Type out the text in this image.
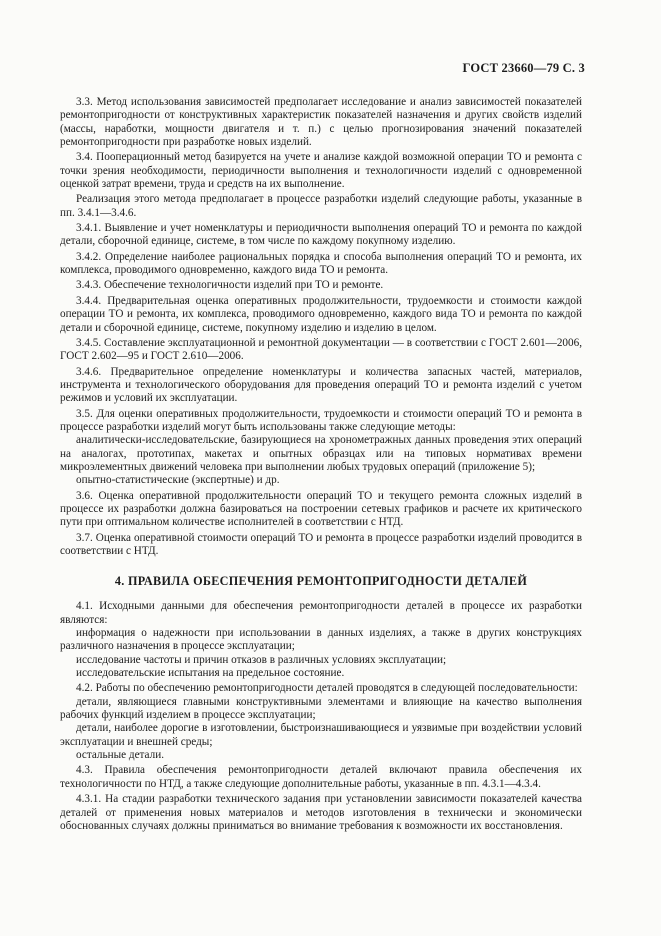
ГОСТ 23660—79 С. 3

3.3. Метод использования зависимостей предполагает исследование и анализ зависимостей показателей ремонтопригодности от конструктивных характеристик показателей назначения и других свойств изделий (массы, наработки, мощности двигателя и т. п.) с целью прогнозирования значений показателей ремонтопригодности при разработке новых изделий.

3.4. Пооперационный метод базируется на учете и анализе каждой возможной операции ТО и ремонта с точки зрения необходимости, периодичности выполнения и технологичности изделий с одновременной оценкой затрат времени, труда и средств на их выполнение.

Реализация этого метода предполагает в процессе разработки изделий следующие работы, указанные в пп. 3.4.1—3.4.6.

3.4.1. Выявление и учет номенклатуры и периодичности выполнения операций ТО и ремонта по каждой детали, сборочной единице, системе, в том числе по каждому покупному изделию.

3.4.2. Определение наиболее рациональных порядка и способа выполнения операций ТО и ремонта, их комплекса, проводимого одновременно, каждого вида ТО и ремонта.

3.4.3. Обеспечение технологичности изделий при ТО и ремонте.

3.4.4. Предварительная оценка оперативных продолжительности, трудоемкости и стоимости каждой операции ТО и ремонта, их комплекса, проводимого одновременно, каждого вида ТО и ремонта по каждой детали и сборочной единице, системе, покупному изделию и изделию в целом.

3.4.5. Составление эксплуатационной и ремонтной документации — в соответствии с ГОСТ 2.601—2006, ГОСТ 2.602—95 и ГОСТ 2.610—2006.

3.4.6. Предварительное определение номенклатуры и количества запасных частей, материалов, инструмента и технологического оборудования для проведения операций ТО и ремонта изделий с учетом режимов и условий их эксплуатации.

3.5. Для оценки оперативных продолжительности, трудоемкости и стоимости операций ТО и ремонта в процессе разработки изделий могут быть использованы также следующие методы:

аналитически-исследовательские, базирующиеся на хронометражных данных проведения этих операций на аналогах, прототипах, макетах и опытных образцах или на типовых нормативах времени микроэлементных движений человека при выполнении любых трудовых операций (приложение 5);

опытно-статистические (экспертные) и др.

3.6. Оценка оперативной продолжительности операций ТО и текущего ремонта сложных изделий в процессе их разработки должна базироваться на построении сетевых графиков и расчете их критического пути при оптимальном количестве исполнителей в соответствии с НТД.

3.7. Оценка оперативной стоимости операций ТО и ремонта в процессе разработки изделий проводится в соответствии с НТД.

4. ПРАВИЛА ОБЕСПЕЧЕНИЯ РЕМОНТОПРИГОДНОСТИ ДЕТАЛЕЙ

4.1. Исходными данными для обеспечения ремонтопригодности деталей в процессе их разработки являются:

информация о надежности при использовании в данных изделиях, а также в других конструкциях различного назначения в процессе эксплуатации;

исследование частоты и причин отказов в различных условиях эксплуатации;

исследовательские испытания на предельное состояние.

4.2. Работы по обеспечению ремонтопригодности деталей проводятся в следующей последовательности:

детали, являющиеся главными конструктивными элементами и влияющие на качество выполнения рабочих функций изделием в процессе эксплуатации;

детали, наиболее дорогие в изготовлении, быстроизнашивающиеся и уязвимые при воздействии условий эксплуатации и внешней среды;

остальные детали.

4.3. Правила обеспечения ремонтопригодности деталей включают правила обеспечения их технологичности по НТД, а также следующие дополнительные работы, указанные в пп. 4.3.1—4.3.4.

4.3.1. На стадии разработки технического задания при установлении зависимости показателей качества деталей от применения новых материалов и методов изготовления в технически и экономически обоснованных случаях должны приниматься во внимание требования к возможности их восстановления.
